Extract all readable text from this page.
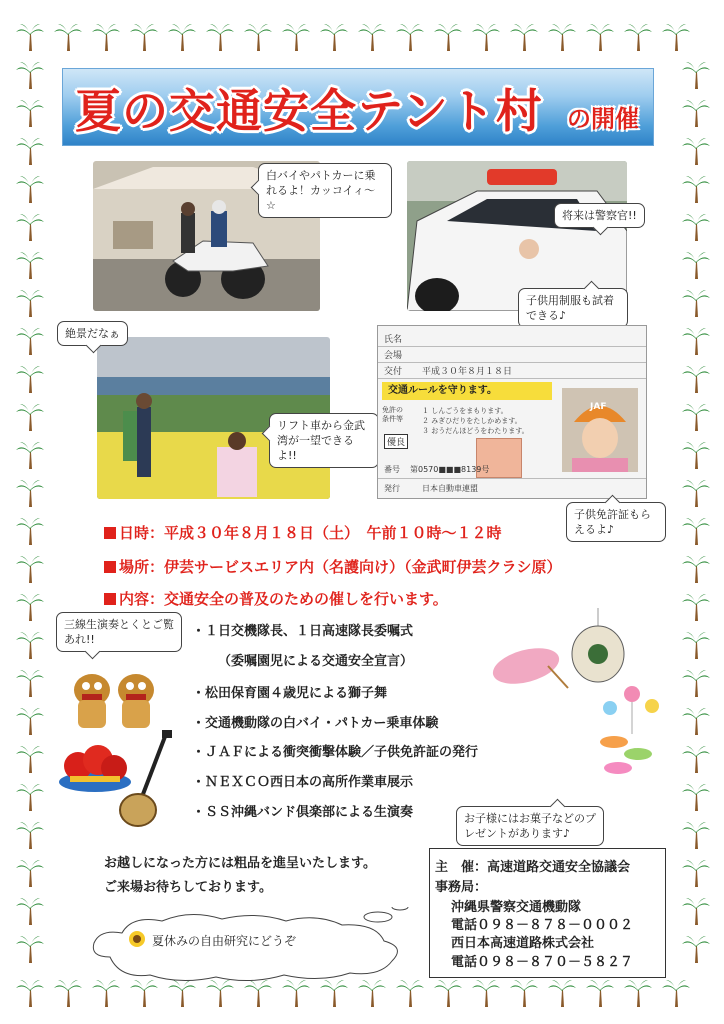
夏の交通安全テント村 の開催
白バイやパトカーに乗れるよ！カッコイィ～☆
将来は警察官!!
子供用制服も試着できる♪
絶景だなぁ
リフト車から金武湾が一望できるよ!!
氏名
会場
交付	平成３０年８月１８日
交通ルールを守ります。
免許の条件等
１ しんごうをまもります。
２ みぎひだりをたしかめます。
３ おうだんほどうをわたります。
優良
番号 第0570■■■8139号
発行	日本自動車連盟
JAF
子供免許証もらえるよ♪
日時：平成３０年８月１８日（土）　午前１０時～１２時
場所：伊芸サービスエリア内（名護向け）（金武町伊芸クラシ原）
内容：交通安全の普及のための催しを行います。
三線生演奏とくとご覧あれ!!
・１日交機隊長、１日高速隊長委嘱式
（委嘱園児による交通安全宣言）
・松田保育園４歳児による獅子舞
・交通機動隊の白バイ・パトカー乗車体験
・ＪＡＦによる衝突衝撃体験／子供免許証の発行
・ＮＥＸＣＯ西日本の高所作業車展示
・ＳＳ沖縄バンド倶楽部による生演奏	お子様にはお菓子などのプレゼントがあります♪
お越しになった方には粗品を進呈いたします。
ご来場お待ちしております。
夏休みの自由研究にどうぞ
主　催：高速道路交通安全協議会
事務局：
沖縄県警察交通機動隊
電話０９８－８７８－０００２
西日本高速道路株式会社
電話０９８－８７０－５８２７
